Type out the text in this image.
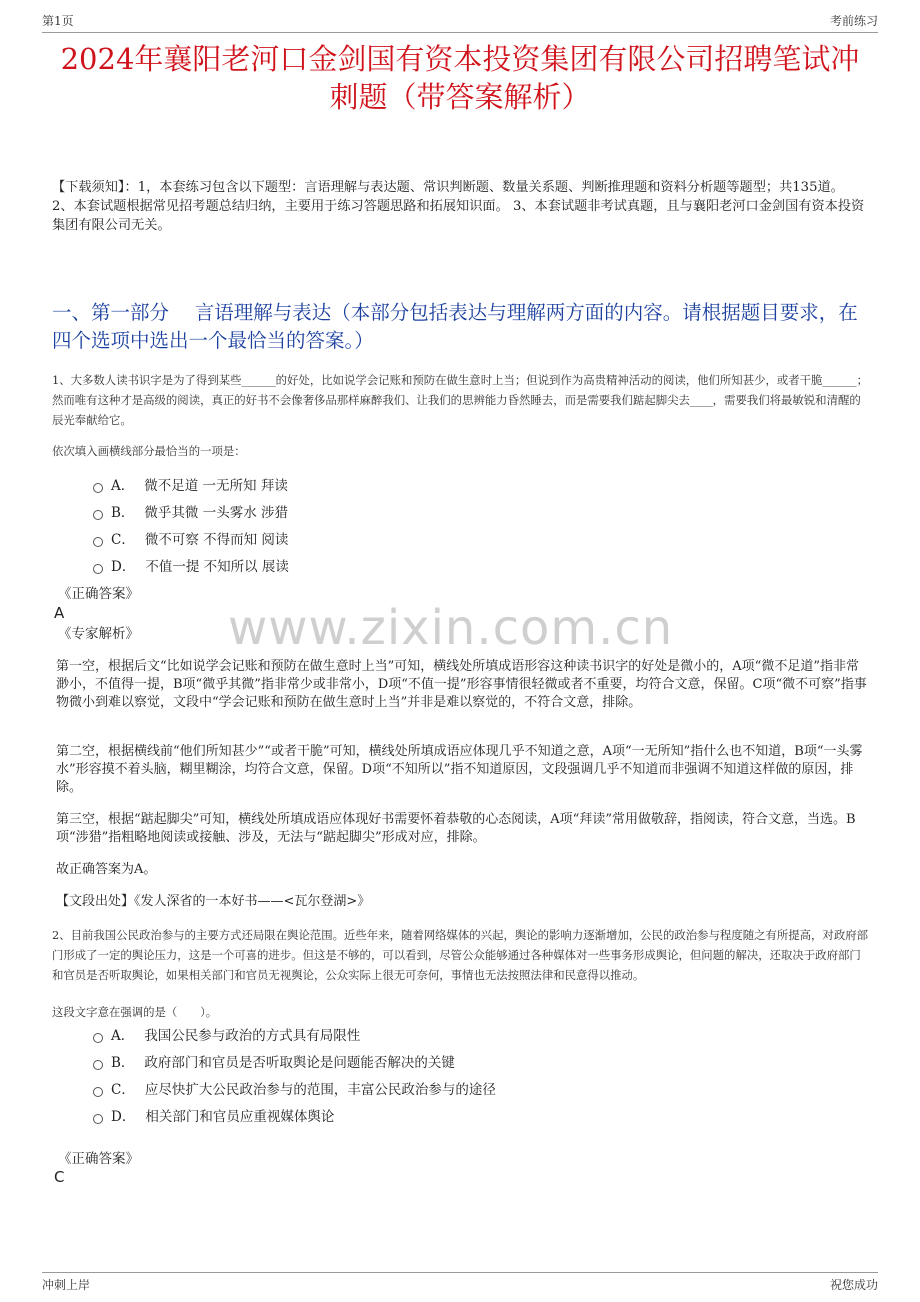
第1页	考前练习
2024年襄阳老河口金剑国有资本投资集团有限公司招聘笔试冲刺题（带答案解析）

【下载须知】：1，本套练习包含以下题型：言语理解与表达题、常识判断题、数量关系题、判断推理题和资料分析题等题型；共135道。 2、本套试题根据常见招考题总结归纳，主要用于练习答题思路和拓展知识面。 3、本套试题非考试真题，且与襄阳老河口金剑国有资本投资集团有限公司无关。

一、第一部分　 言语理解与表达（本部分包括表达与理解两方面的内容。请根据题目要求，在四个选项中选出一个最恰当的答案。）

1、大多数人读书识字是为了得到某些______的好处，比如说学会记账和预防在做生意时上当；但说到作为高贵精神活动的阅读，他们所知甚少，或者干脆______；然而唯有这种才是高级的阅读，真正的好书不会像奢侈品那样麻醉我们、让我们的思辨能力昏然睡去，而是需要我们踮起脚尖去____，需要我们将最敏锐和清醒的辰光奉献给它。

依次填入画横线部分最恰当的一项是：

A． 微不足道 一无所知 拜读
B． 微乎其微 一头雾水 涉猎
C． 微不可察 不得而知 阅读
D． 不值一提 不知所以 展读

《正确答案》

A

《专家解析》	www.zixin.com.cn

第一空，根据后文“比如说学会记账和预防在做生意时上当”可知，横线处所填成语形容这种读书识字的好处是微小的，A项“微不足道”指非常渺小，不值得一提，B项“微乎其微”指非常少或非常小，D项“不值一提”形容事情很轻微或者不重要，均符合文意，保留。C项“微不可察”指事物微小到难以察觉，文段中“学会记账和预防在做生意时上当”并非是难以察觉的，不符合文意，排除。

第二空，根据横线前“他们所知甚少”“或者干脆”可知，横线处所填成语应体现几乎不知道之意，A项“一无所知”指什么也不知道，B项“一头雾水”形容摸不着头脑，糊里糊涂，均符合文意，保留。D项“不知所以”指不知道原因，文段强调几乎不知道而非强调不知道这样做的原因，排除。

第三空，根据“踮起脚尖”可知，横线处所填成语应体现好书需要怀着恭敬的心态阅读，A项“拜读”常用做敬辞，指阅读，符合文意，当选。B项“涉猎”指粗略地阅读或接触、涉及，无法与“踮起脚尖”形成对应，排除。

故正确答案为A。

【文段出处】《发人深省的一本好书——<瓦尔登湖>》

2、目前我国公民政治参与的主要方式还局限在舆论范围。近些年来，随着网络媒体的兴起，舆论的影响力逐渐增加，公民的政治参与程度随之有所提高，对政府部门形成了一定的舆论压力，这是一个可喜的进步。但这是不够的，可以看到，尽管公众能够通过各种媒体对一些事务形成舆论，但问题的解决，还取决于政府部门和官员是否听取舆论，如果相关部门和官员无视舆论，公众实际上很无可奈何，事情也无法按照法律和民意得以推动。

这段文字意在强调的是（　　）。

A． 我国公民参与政治的方式具有局限性
B． 政府部门和官员是否听取舆论是问题能否解决的关键
C． 应尽快扩大公民政治参与的范围，丰富公民政治参与的途径
D． 相关部门和官员应重视媒体舆论

《正确答案》

C

冲刺上岸	祝您成功
